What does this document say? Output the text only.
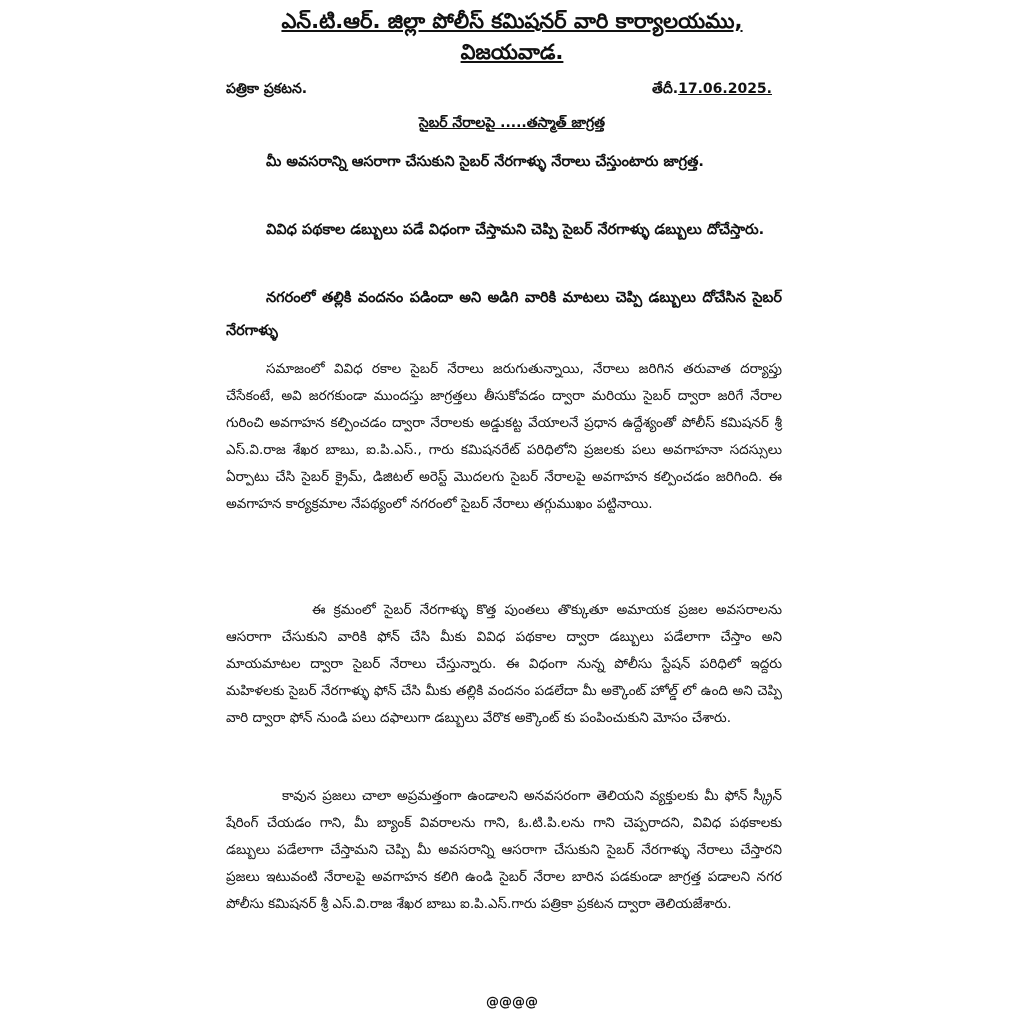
ఎన్.టి.ఆర్. జిల్లా పోలీస్ కమిషనర్ వారి కార్యాలయము,
విజయవాడ.
పత్రికా ప్రకటన.	తేదీ.17.06.2025.
సైబర్ నేరాలపై .....తస్మాత్ జాగ్రత్త
మీ అవసరాన్ని ఆసరాగా చేసుకుని సైబర్ నేరగాళ్ళు నేరాలు చేస్తుంటారు జాగ్రత్త.
వివిధ పథకాల డబ్బులు పడే విధంగా చేస్తామని చెప్పి సైబర్ నేరగాళ్ళు డబ్బులు దోచేస్తారు.
నగరంలో తల్లికి వందనం పడిందా అని అడిగి వారికి మాటలు చెప్పి డబ్బులు దోచేసిన సైబర్ నేరగాళ్ళు
సమాజంలో వివిధ రకాల సైబర్ నేరాలు జరుగుతున్నాయి, నేరాలు జరిగిన తరువాత దర్యాప్తు చేసేకంటే, అవి జరగకుండా ముందస్తు జాగ్రత్తలు తీసుకోవడం ద్వారా మరియు సైబర్ ద్వారా జరిగే నేరాల గురించి అవగాహన కల్పించడం ద్వారా నేరాలకు అడ్డుకట్ట వేయాలనే ప్రధాన ఉద్దేశ్యంతో పోలీస్ కమిషనర్ శ్రీ ఎస్.వి.రాజ శేఖర బాబు, ఐ.పి.ఎస్., గారు కమిషనరేట్ పరిధిలోని ప్రజలకు పలు అవగాహనా సదస్సులు ఏర్పాటు చేసి సైబర్ క్రైమ్, డిజిటల్ అరెస్ట్ మొదలగు సైబర్ నేరాలపై అవగాహన కల్పించడం జరిగింది. ఈ అవగాహన కార్యక్రమాల నేపథ్యంలో నగరంలో సైబర్ నేరాలు తగ్గుముఖం పట్టినాయి.
ఈ క్రమంలో సైబర్ నేరగాళ్ళు కొత్త పుంతలు తొక్కుతూ అమాయక ప్రజల అవసరాలను ఆసరాగా చేసుకుని వారికి ఫోన్ చేసి మీకు వివిధ పథకాల ద్వారా డబ్బులు పడేలాగా చేస్తాం అని మాయమాటల ద్వారా సైబర్ నేరాలు చేస్తున్నారు. ఈ విధంగా నున్న పోలీసు స్టేషన్ పరిధిలో ఇద్దరు మహిళలకు సైబర్ నేరగాళ్ళు ఫోన్ చేసి మీకు తల్లికి వందనం పడలేదా మీ అక్కౌంట్ హోల్డ్ లో ఉంది అని చెప్పి వారి ద్వారా ఫోన్ నుండి పలు దఫాలుగా డబ్బులు వేరొక అక్కౌంట్ కు పంపించుకుని మోసం చేశారు.
కావున ప్రజలు చాలా అప్రమత్తంగా ఉండాలని అనవసరంగా తెలియని వ్యక్తులకు మీ ఫోన్ స్క్రీన్ షేరింగ్ చేయడం గాని, మీ బ్యాంక్ వివరాలను గాని, ఓ.టి.పి.లను గాని చెప్పరాదని, వివిధ పథకాలకు డబ్బులు పడేలాగా చేస్తామని చెప్పి మీ అవసరాన్ని ఆసరాగా చేసుకుని సైబర్ నేరగాళ్ళు నేరాలు చేస్తారని ప్రజలు ఇటువంటి నేరాలపై అవగాహన కలిగి ఉండి సైబర్ నేరాల బారిన పడకుండా జాగ్రత్త పడాలని నగర పోలీసు కమిషనర్ శ్రీ ఎస్.వి.రాజ శేఖర బాబు ఐ.పి.ఎస్.గారు పత్రికా ప్రకటన ద్వారా తెలియజేశారు.
@@@@
